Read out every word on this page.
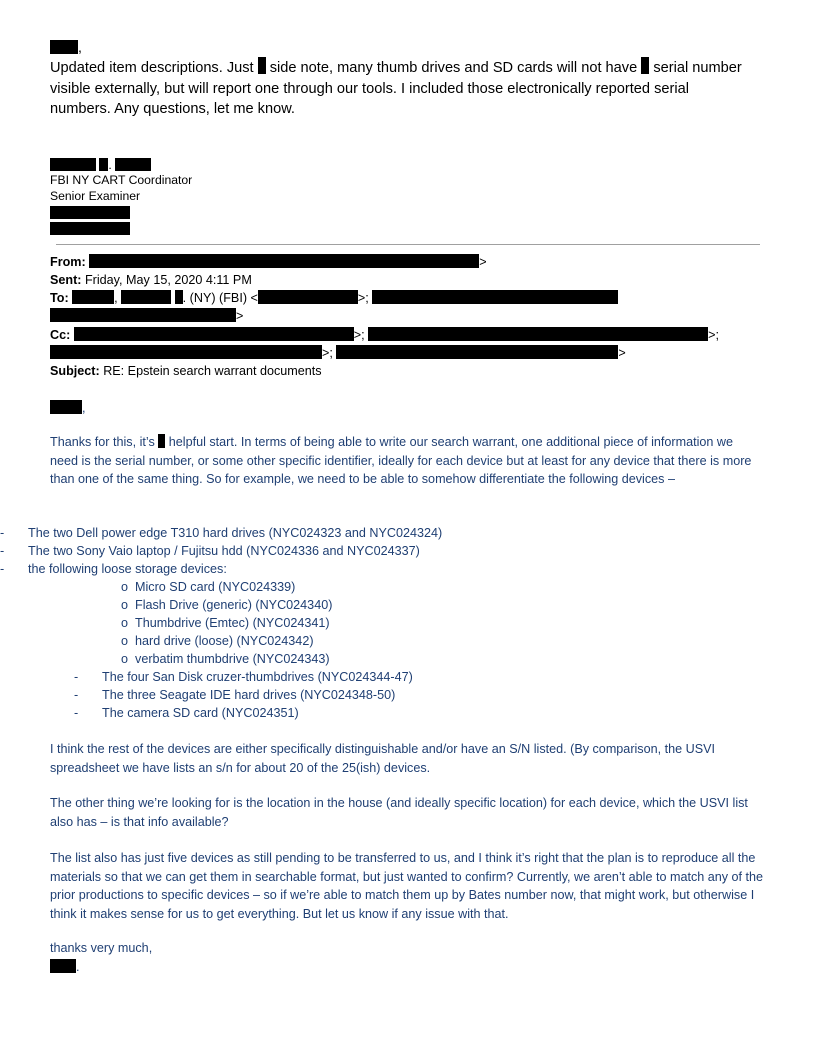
,
Updated item descriptions. Just side note, many thumb drives and SD cards will not have serial number
visible externally, but will report one through our tools. I included those electronically reported serial
numbers. Any questions, let me know.
.
FBI NY CART Coordinator
Senior Examiner
From:	>
Sent: Friday, May 15, 2020 4:11 PM
To:	,	. (NY) (FBI) <	>;
>
Cc:	>;	>;
>;	>
Subject: RE: Epstein search warrant documents
,
Thanks for this, it’s helpful start. In terms of being able to write our search warrant, one additional piece of information we need is the serial number, or some other specific identifier, ideally for each device but at least for any device that there is more than one of the same thing. So for example, we need to be able to somehow differentiate the following devices –
- The two Dell power edge T310 hard drives (NYC024323 and NYC024324)
- The two Sony Vaio laptop / Fujitsu hdd (NYC024336 and NYC024337)
- the following loose storage devices:
o Micro SD card (NYC024339)
o Flash Drive (generic) (NYC024340)
o Thumbdrive (Emtec) (NYC024341)
o hard drive (loose) (NYC024342)
o verbatim thumbdrive (NYC024343)
- The four San Disk cruzer-thumbdrives (NYC024344-47)
- The three Seagate IDE hard drives (NYC024348-50)
- The camera SD card (NYC024351)
I think the rest of the devices are either specifically distinguishable and/or have an S/N listed. (By comparison, the USVI spreadsheet we have lists an s/n for about 20 of the 25(ish) devices.
The other thing we’re looking for is the location in the house (and ideally specific location) for each device, which the USVI list also has – is that info available?
The list also has just five devices as still pending to be transferred to us, and I think it’s right that the plan is to reproduce all the materials so that we can get them in searchable format, but just wanted to confirm? Currently, we aren’t able to match any of the prior productions to specific devices – so if we’re able to match them up by Bates number now, that might work, but otherwise I think it makes sense for us to get everything. But let us know if any issue with that.
thanks very much,
.
